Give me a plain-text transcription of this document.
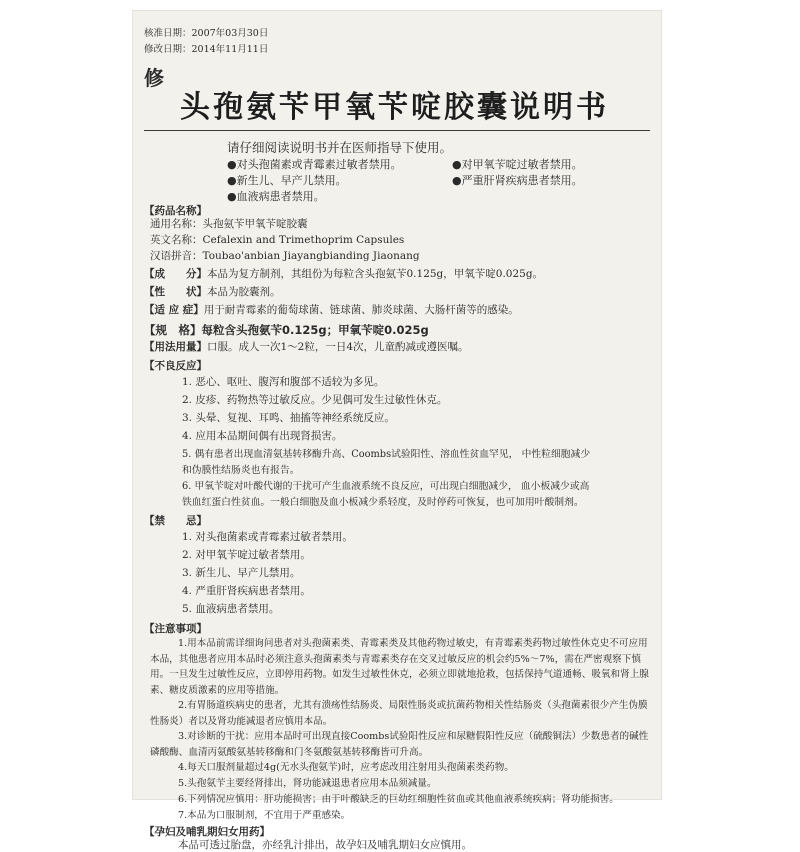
核准日期：2007年03月30日
修改日期：2014年11月11日
修
头孢氨苄甲氧苄啶胶囊说明书
请仔细阅读说明书并在医师指导下使用。
●对头孢菌素或青霉素过敏者禁用。	●对甲氧苄啶过敏者禁用。
●新生儿、早产儿禁用。	●严重肝肾疾病患者禁用。
●血液病患者禁用。
【药品名称】
通用名称：头孢氨苄甲氧苄啶胶囊
英文名称：Cefalexin and Trimethoprim Capsules
汉语拼音：Toubao'anbian Jiayangbianding Jiaonang
【成　　分】本品为复方制剂，其组份为每粒含头孢氨苄0.125g，甲氧苄啶0.025g。
【性　　状】本品为胶囊剂。
【适 应 症】用于耐青霉素的葡萄球菌、链球菌、肺炎球菌、大肠杆菌等的感染。
【规　格】每粒含头孢氨苄0.125g；甲氧苄啶0.025g
【用法用量】口服。成人一次1～2粒，一日4次，儿童酌减或遵医嘱。
【不良反应】
1. 恶心、呕吐、腹泻和腹部不适较为多见。
2. 皮疹、药物热等过敏反应。少见偶可发生过敏性休克。
3. 头晕、复视、耳鸣、抽搐等神经系统反应。
4. 应用本品期间偶有出现肾损害。
5. 偶有患者出现血清氨基转移酶升高、Coombs试验阳性、溶血性贫血罕见， 中性粒细胞减少
和伪膜性结肠炎也有报告。
6. 甲氧苄啶对叶酸代谢的干扰可产生血液系统不良反应，可出现白细胞减少， 血小板减少或高
铁血红蛋白性贫血。一般白细胞及血小板减少系轻度，及时停药可恢复，也可加用叶酸制剂。
【禁　　忌】
1. 对头孢菌素或青霉素过敏者禁用。
2. 对甲氧苄啶过敏者禁用。
3. 新生儿、早产儿禁用。
4. 严重肝肾疾病患者禁用。
5. 血液病患者禁用。
【注意事项】
1.用本品前需详细询问患者对头孢菌素类、青霉素类及其他药物过敏史，有青霉素类药物过敏性休克史不可应用本品，其他患者应用本品时必须注意头孢菌素类与青霉素类存在交叉过敏反应的机会约5%～7%，需在严密观察下慎用。一旦发生过敏性反应，立即停用药物。如发生过敏性休克，必须立即就地抢救，包括保持气道通畅、吸氧和肾上腺素、糖皮质激素的应用等措施。
2.有胃肠道疾病史的患者，尤其有溃疡性结肠炎、局限性肠炎或抗菌药物相关性结肠炎（头孢菌素很少产生伪膜性肠炎）者以及肾功能减退者应慎用本品。
3.对诊断的干扰：应用本品时可出现直接Coombs试验阳性反应和尿糖假阳性反应（硫酸铜法）少数患者的碱性磷酸酶、血清丙氨酸氨基转移酶和门冬氨酸氨基转移酶皆可升高。
4.每天口服剂量超过4g(无水头孢氨苄)时，应考虑改用注射用头孢菌素类药物。
5.头孢氨苄主要经肾排出，肾功能减退患者应用本品须减量。
6.下列情况应慎用：肝功能损害；由于叶酸缺乏的巨幼红细胞性贫血或其他血液系统疾病；肾功能损害。
7.本品为口服制剂，不宜用于严重感染。
【孕妇及哺乳期妇女用药】
本品可透过胎盘，亦经乳汁排出，故孕妇及哺乳期妇女应慎用。
